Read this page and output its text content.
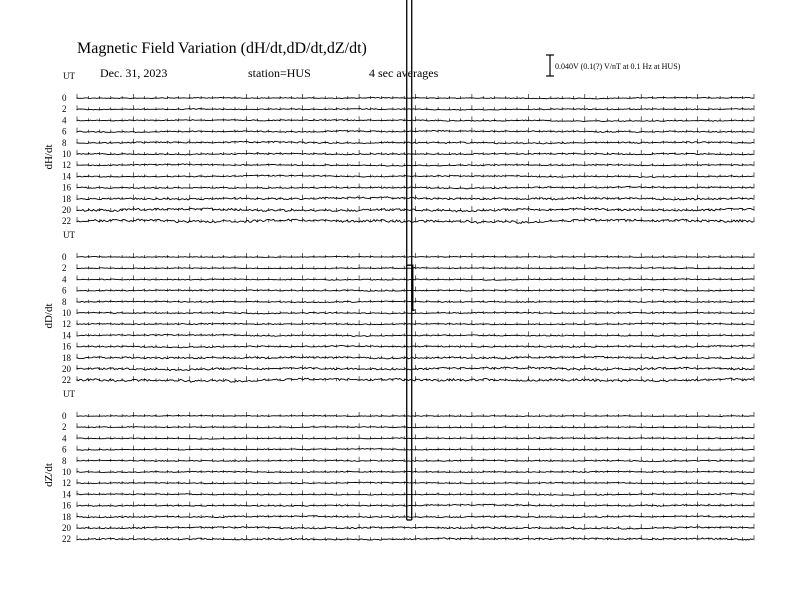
Magnetic Field Variation (dH/dt,dD/dt,dZ/dt)
Dec. 31, 2023	station=HUS	4 sec averages	0.040V (0.1(?) V/nT at 0.1 Hz at HUS)
UT
dH/dt
0
2
4
6
8
10
12
14
16
18
20
22
UT
dD/dt
0
2
4
6
8
10
12
14
16
18
20
22
UT
dZ/dt
0
2
4
6
8
10
12
14
16
18
20
22
